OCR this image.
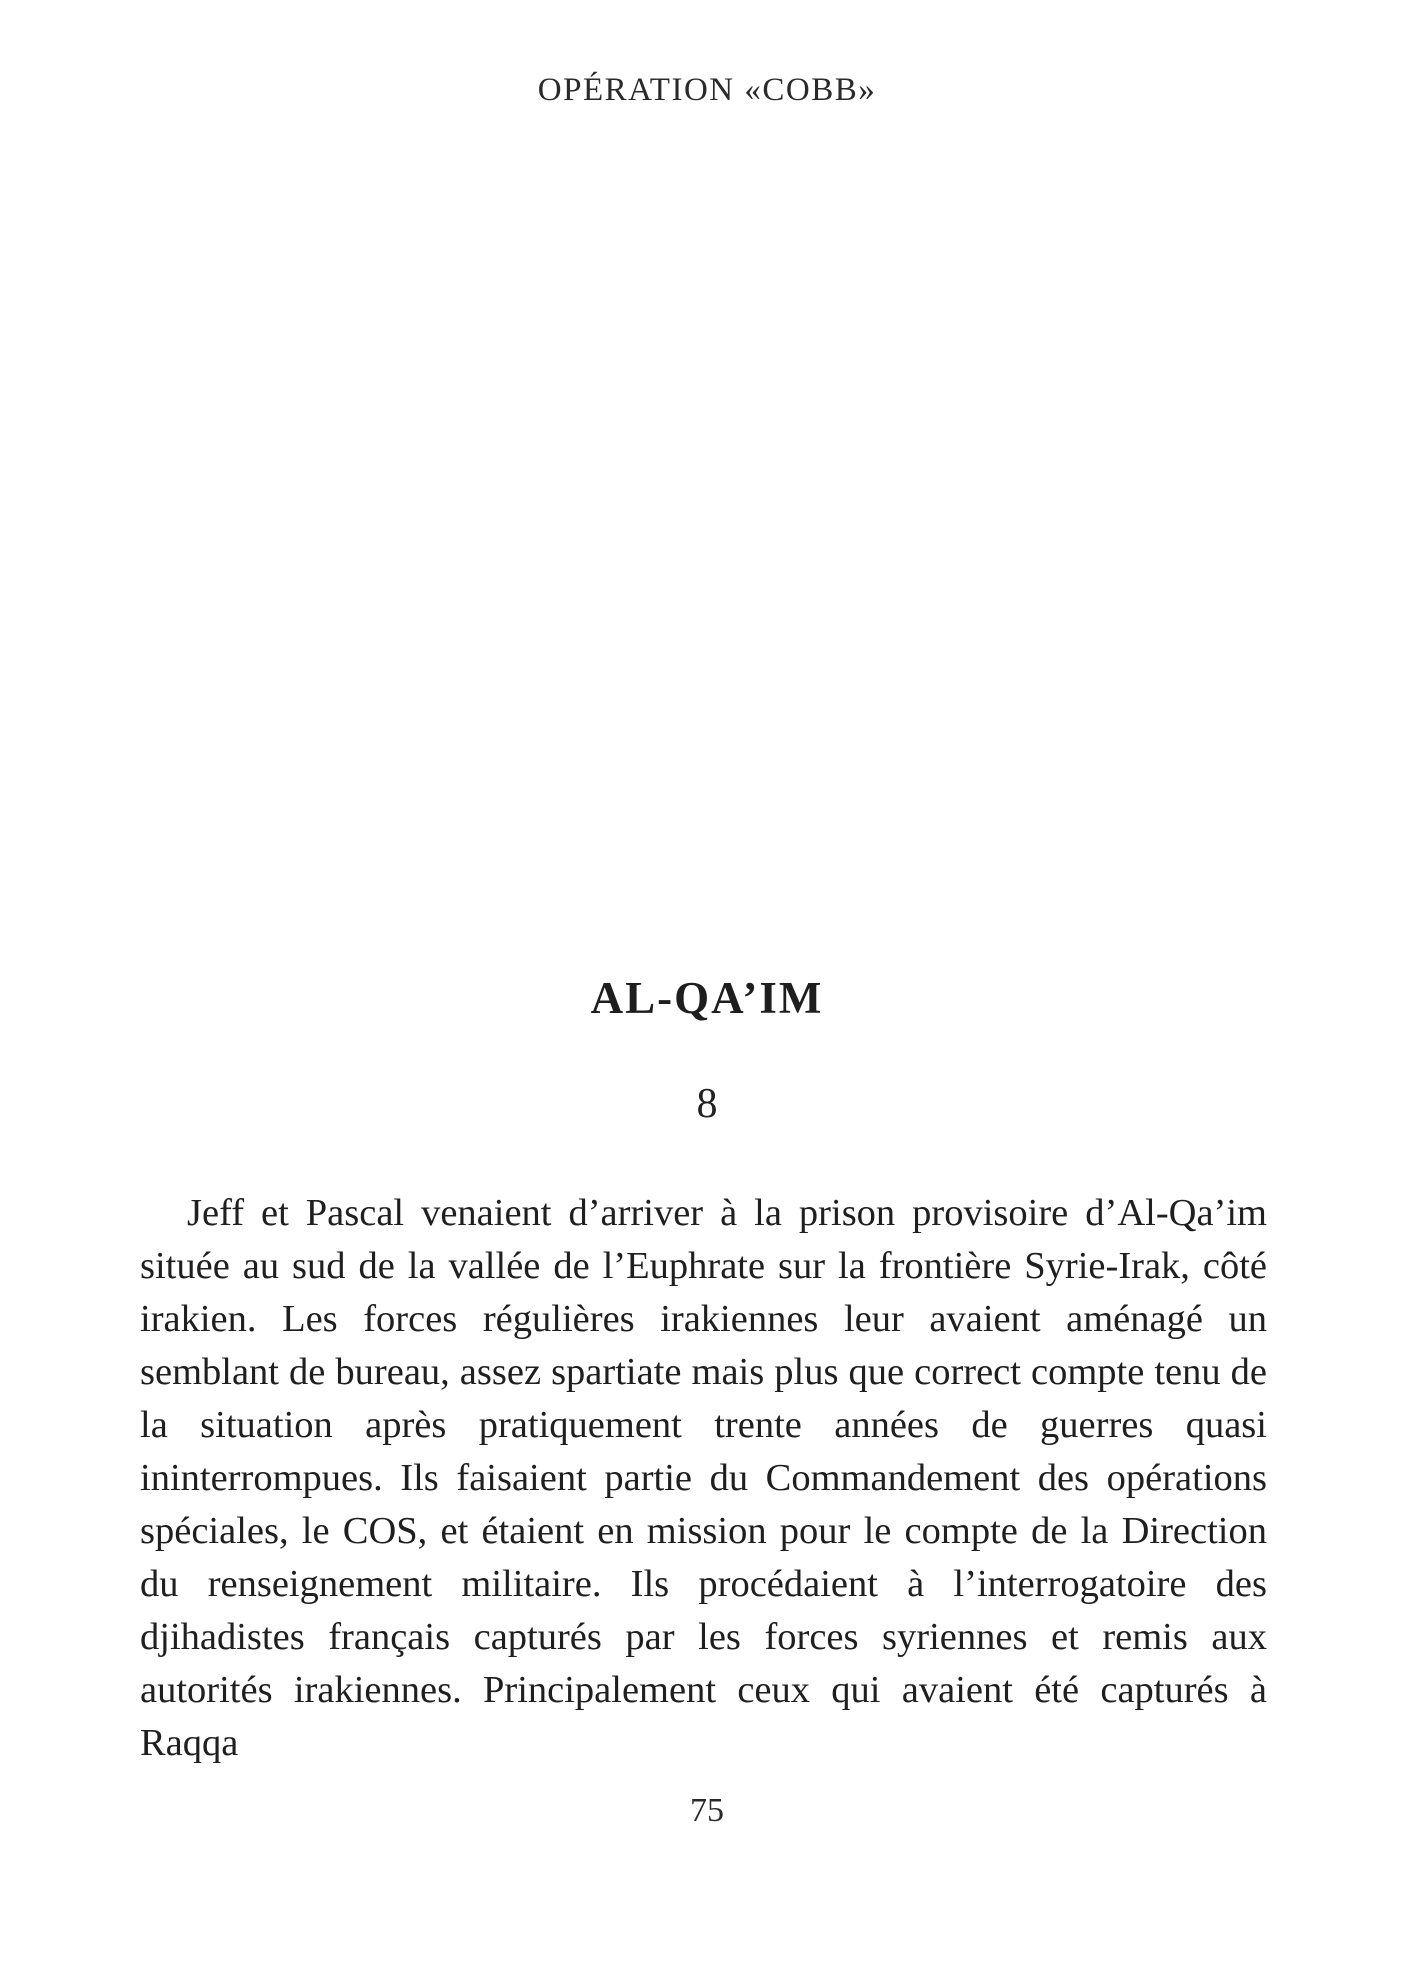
OPÉRATION «COBB»
AL-QA’IM
8

Jeff et Pascal venaient d’arriver à la prison provisoire d’Al-Qa’im située au sud de la vallée de l’Euphrate sur la frontière Syrie-Irak, côté irakien. Les forces régulières irakiennes leur avaient aménagé un semblant de bureau, assez spartiate mais plus que correct compte tenu de la situation après pratiquement trente années de guerres quasi ininterrompues. Ils faisaient partie du Commandement des opérations spéciales, le COS, et étaient en mission pour le compte de la Direction du renseignement militaire. Ils procédaient à l’interrogatoire des djihadistes français capturés par les forces syriennes et remis aux autorités irakiennes. Principalement ceux qui avaient été capturés à Raqqa

75
